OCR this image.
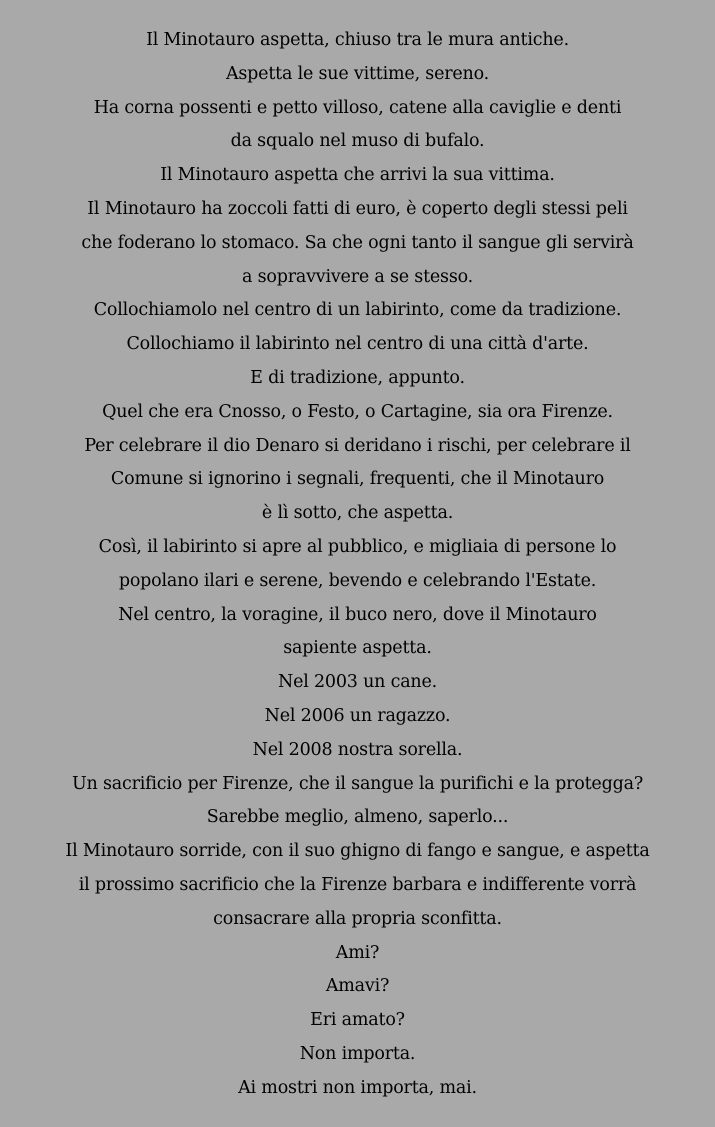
Il Minotauro aspetta, chiuso tra le mura antiche.
Aspetta le sue vittime, sereno.
Ha corna possenti e petto villoso, catene alla caviglie e denti
da squalo nel muso di bufalo.
Il Minotauro aspetta che arrivi la sua vittima.
Il Minotauro ha zoccoli fatti di euro, è coperto degli stessi peli
che foderano lo stomaco. Sa che ogni tanto il sangue gli servirà
a sopravvivere a se stesso.
Collochiamolo nel centro di un labirinto, come da tradizione.
Collochiamo il labirinto nel centro di una città d'arte.
E di tradizione, appunto.
Quel che era Cnosso, o Festo, o Cartagine, sia ora Firenze.
Per celebrare il dio Denaro si deridano i rischi, per celebrare il
Comune si ignorino i segnali, frequenti, che il Minotauro
è lì sotto, che aspetta.
Così, il labirinto si apre al pubblico, e migliaia di persone lo
popolano ilari e serene, bevendo e celebrando l'Estate.
Nel centro, la voragine, il buco nero, dove il Minotauro
sapiente aspetta.
Nel 2003 un cane.
Nel 2006 un ragazzo.
Nel 2008 nostra sorella.
Un sacrificio per Firenze, che il sangue la purifichi e la protegga?
Sarebbe meglio, almeno, saperlo...
Il Minotauro sorride, con il suo ghigno di fango e sangue, e aspetta
il prossimo sacrificio che la Firenze barbara e indifferente vorrà
consacrare alla propria sconfitta.
Ami?
Amavi?
Eri amato?
Non importa.
Ai mostri non importa, mai.
